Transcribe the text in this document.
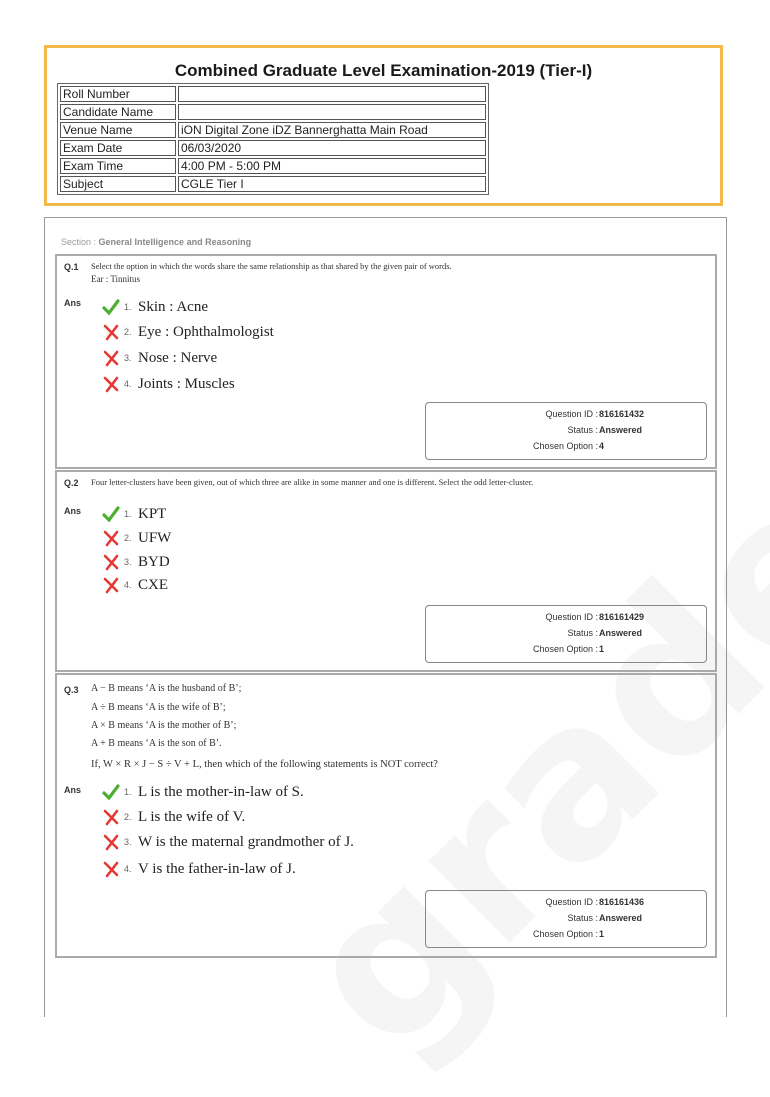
Combined Graduate Level Examination-2019 (Tier-I)
Roll Number	
Candidate Name	
Venue Name	iON Digital Zone iDZ Bannerghatta Main Road
Exam Date	06/03/2020
Exam Time	4:00 PM - 5:00 PM
Subject	CGLE Tier I
Section : General Intelligence and Reasoning
Q.1 Select the option in which the words share the same relationship as that shared by the given pair of words.
Ear : Tinnitus
Ans	1. Skin : Acne
2. Eye : Ophthalmologist
3. Nose : Nerve
4. Joints : Muscles
Question ID : 816161432
Status : Answered
Chosen Option : 4
Q.2 Four letter-clusters have been given, out of which three are alike in some manner and one is different. Select the odd letter-cluster.
Ans	1. KPT
2. UFW
3. BYD
4. CXE
Question ID : 816161429
Status : Answered
Chosen Option : 1
Q.3 A − B means ‘A is the husband of B’;
A ÷ B means ‘A is the wife of B’;
A × B means ‘A is the mother of B’;
A + B means ‘A is the son of B’.
If, W × R × J − S ÷ V + L, then which of the following statements is NOT correct?
Ans	1. L is the mother-in-law of S.
2. L is the wife of V.
3. W is the maternal grandmother of J.
4. V is the father-in-law of J.
Question ID : 816161436
Status : Answered
Chosen Option : 1
